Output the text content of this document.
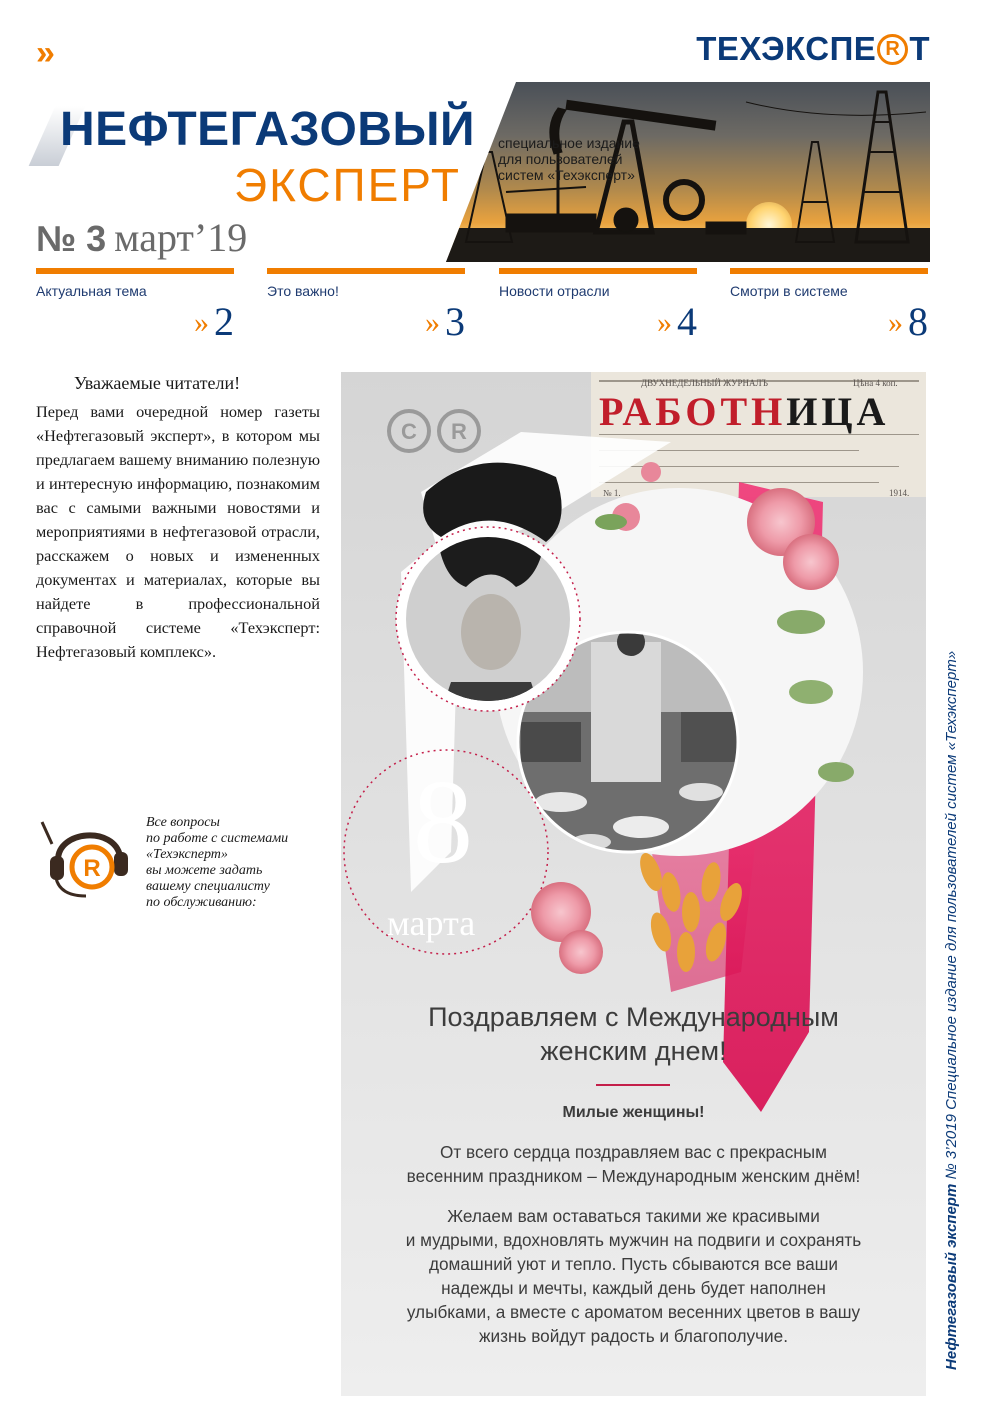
»	ТЕХЭКСПЕ R Т
НЕФТЕГАЗОВЫЙ
ЭКСПЕРТ
№ 3 март’19
специальное издание
для пользователей
систем «Техэксперт»
Актуальная тема
» 2
Это важно!
» 3
Новости отрасли
» 4
Смотри в системе
» 8
Уважаемые читатели!
Перед вами очередной номер газеты «Нефтегазовый эксперт», в котором мы предлагаем вашему вниманию полезную и интересную информацию, познакомим вас с самыми важными новостями и мероприятиями в нефтегазовой отрасли, расскажем о новых и измененных документах и материалах, которые вы найдете в профессиональной справочной системе «Техэксперт: Нефтегазовый комплекс».
R
Все вопросы
по работе с системами
«Техэксперт»
вы можете задать
вашему специалисту
по обслуживанию:
ДВУХНЕДЕЛЬНЫЙ ЖУРНАЛЪ	Цѣна 4 коп.
РАБОТНИЦА
№ 1.	1914.
C R
8
марта
Поздравляем с Международным
женским днем!
Милые женщины!
От всего сердца поздравляем вас с прекрасным
весенним праздником – Международным женским днём!
Желаем вам оставаться такими же красивыми
и мудрыми, вдохновлять мужчин на подвиги и сохранять
домашний уют и тепло. Пусть сбываются все ваши
надежды и мечты, каждый день будет наполнен
улыбками, а вместе с ароматом весенних цветов в вашу
жизнь войдут радость и благополучие.	Нефтегазовый эксперт № 3’2019 Специальное издание для пользователей систем «Техэксперт»
